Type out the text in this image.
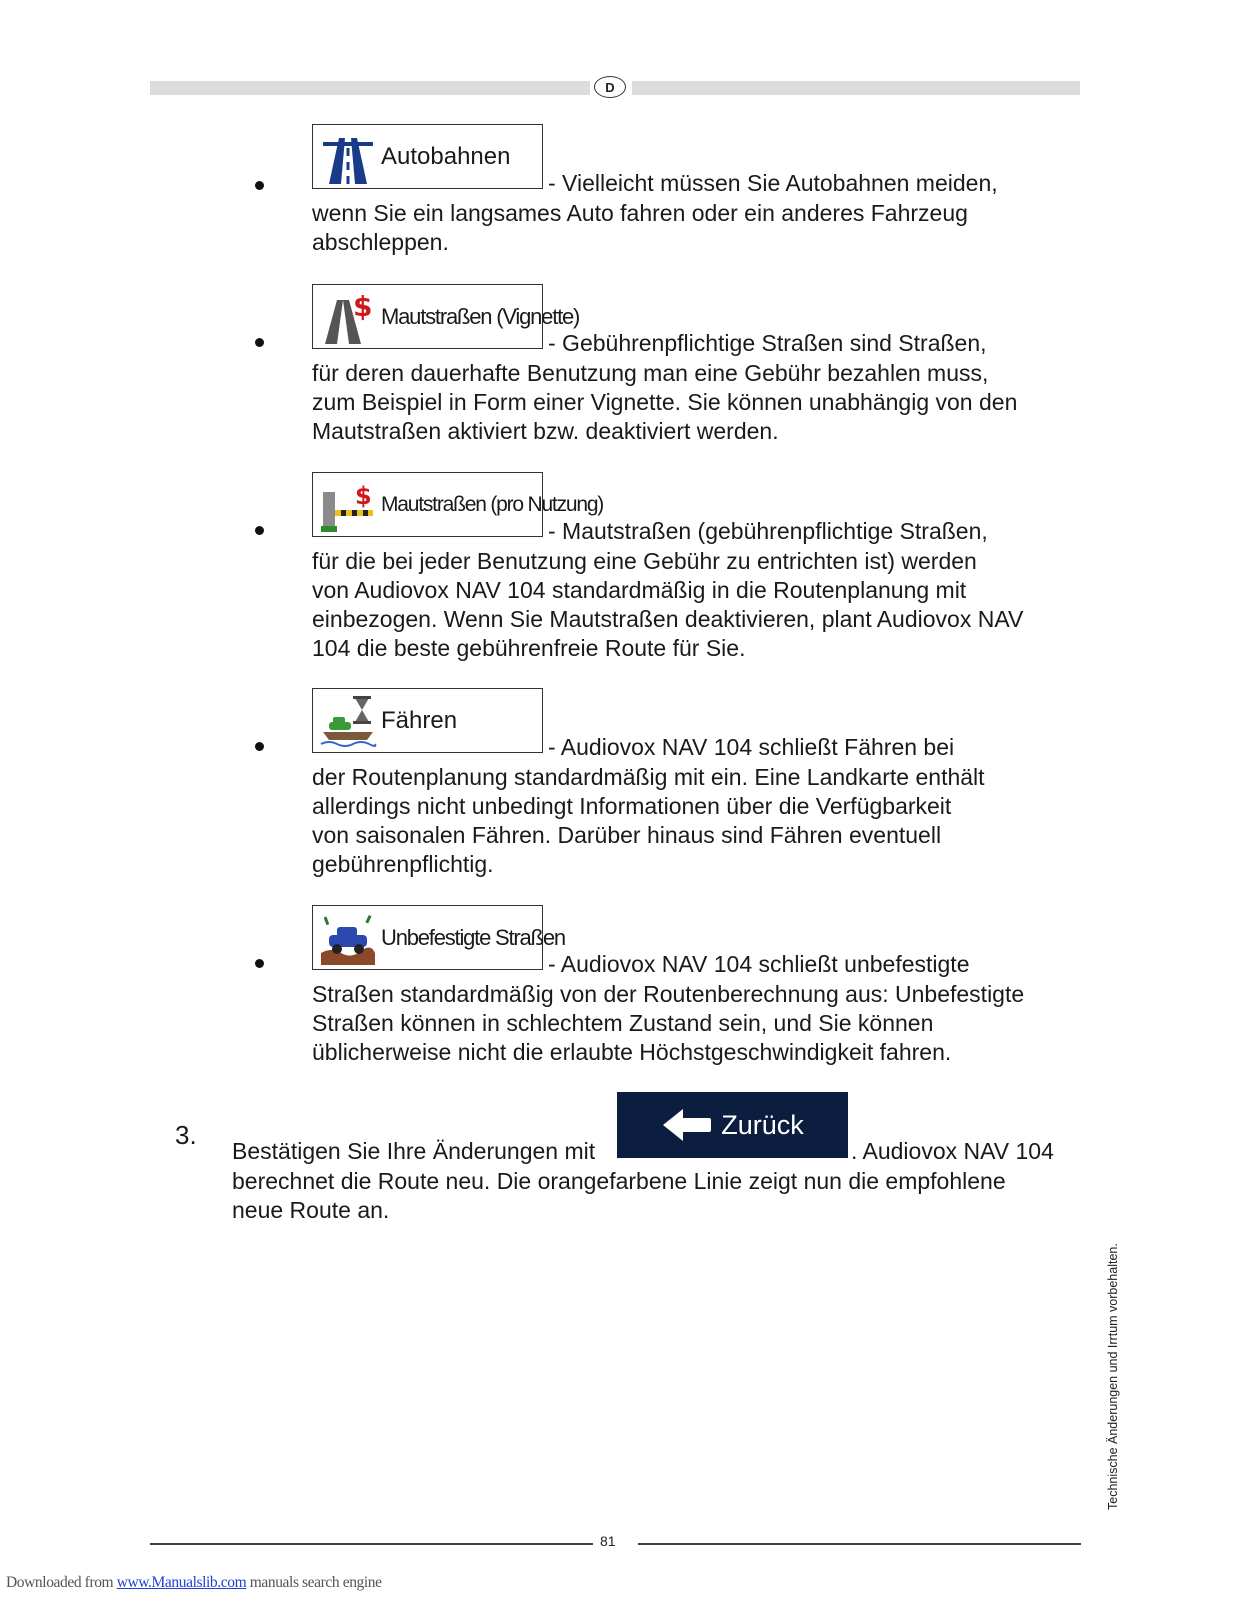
D
Autobahnen
- Vielleicht müssen Sie Autobahnen meiden,
wenn Sie ein langsames Auto fahren oder ein anderes Fahrzeug
abschleppen.
$ Mautstraßen (Vignette)
- Gebührenpflichtige Straßen sind Straßen,
für deren dauerhafte Benutzung man eine Gebühr bezahlen muss,
zum Beispiel in Form einer Vignette. Sie können unabhängig von den
Mautstraßen aktiviert bzw. deaktiviert werden.
$ Mautstraßen (pro Nutzung)
- Mautstraßen (gebührenpflichtige Straßen,
für die bei jeder Benutzung eine Gebühr zu entrichten ist) werden
von Audiovox NAV 104 standardmäßig in die Routenplanung mit
einbezogen. Wenn Sie Mautstraßen deaktivieren, plant Audiovox NAV
104 die beste gebührenfreie Route für Sie.
Fähren
- Audiovox NAV 104 schließt Fähren bei
der Routenplanung standardmäßig mit ein. Eine Landkarte enthält
allerdings nicht unbedingt Informationen über die Verfügbarkeit
von saisonalen Fähren. Darüber hinaus sind Fähren eventuell
gebührenpflichtig.
Unbefestigte Straßen
- Audiovox NAV 104 schließt unbefestigte
Straßen standardmäßig von der Routenberechnung aus: Unbefestigte
Straßen können in schlechtem Zustand sein, und Sie können
üblicherweise nicht die erlaubte Höchstgeschwindigkeit fahren.
3.
Bestätigen Sie Ihre Änderungen mit
Zurück
. Audiovox NAV 104
berechnet die Route neu. Die orangefarbene Linie zeigt nun die empfohlene
neue Route an.
Technische Änderungen und Irrtum vorbehalten.
81
Downloaded from www.Manualslib.com manuals search engine
